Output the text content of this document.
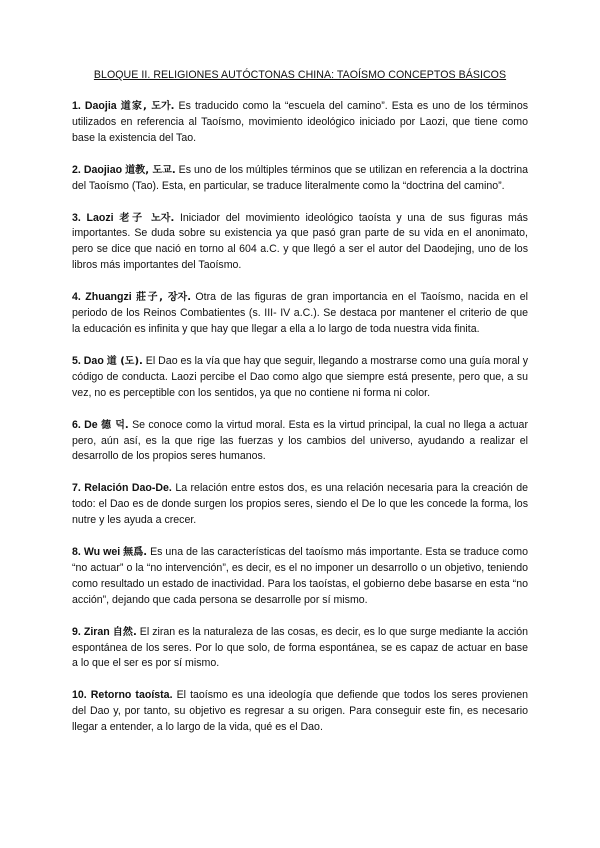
BLOQUE II. RELIGIONES AUTÓCTONAS CHINA: TAOÍSMO CONCEPTOS BÁSICOS

1. Daojia 道家, 도가. Es traducido como la “escuela del camino”. Esta es uno de los términos utilizados en referencia al Taoísmo, movimiento ideológico iniciado por Laozi, que tiene como base la existencia del Tao.

2. Daojiao 道教, 도교. Es uno de los múltiples términos que se utilizan en referencia a la doctrina del Taoísmo (Tao). Esta, en particular, se traduce literalmente como la “doctrina del camino”.

3. Laozi 老子 노자. Iniciador del movimiento ideológico taoísta y una de sus figuras más importantes. Se duda sobre su existencia ya que pasó gran parte de su vida en el anonimato, pero se dice que nació en torno al 604 a.C. y que llegó a ser el autor del Daodejing, uno de los libros más importantes del Taoísmo.

4. Zhuangzi 莊子, 장자. Otra de las figuras de gran importancia en el Taoísmo, nacida en el periodo de los Reinos Combatientes (s. III- IV a.C.). Se destaca por mantener el criterio de que la educación es infinita y que hay que llegar a ella a lo largo de toda nuestra vida finita.

5. Dao 道 (도). El Dao es la vía que hay que seguir, llegando a mostrarse como una guía moral y código de conducta. Laozi percibe el Dao como algo que siempre está presente, pero que, a su vez, no es perceptible con los sentidos, ya que no contiene ni forma ni color.

6. De 德 덕. Se conoce como la virtud moral. Esta es la virtud principal, la cual no llega a actuar pero, aún así, es la que rige las fuerzas y los cambios del universo, ayudando a realizar el desarrollo de los propios seres humanos.

7. Relación Dao-De. La relación entre estos dos, es una relación necesaria para la creación de todo: el Dao es de donde surgen los propios seres, siendo el De lo que les concede la forma, los nutre y les ayuda a crecer.

8. Wu wei 無爲. Es una de las características del taoísmo más importante. Esta se traduce como “no actuar” o la “no intervención”, es decir, es el no imponer un desarrollo o un objetivo, teniendo como resultado un estado de inactividad. Para los taoístas, el gobierno debe basarse en esta “no acción”, dejando que cada persona se desarrolle por sí mismo.

9. Ziran 自然. El ziran es la naturaleza de las cosas, es decir, es lo que surge mediante la acción espontánea de los seres. Por lo que solo, de forma espontánea, se es capaz de actuar en base a lo que el ser es por sí mismo.

10. Retorno taoísta. El taoísmo es una ideología que defiende que todos los seres provienen del Dao y, por tanto, su objetivo es regresar a su origen. Para conseguir este fin, es necesario llegar a entender, a lo largo de la vida, qué es el Dao.
